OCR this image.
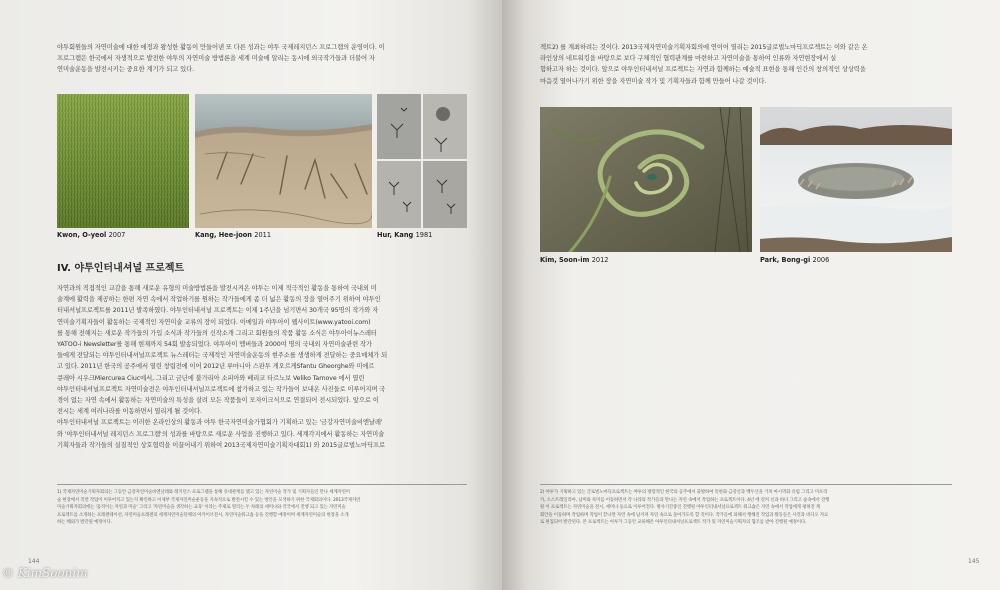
야투회원들의 자연미술에 대한 애정과 왕성한 활동이 만들어낸 또 다른 성과는 야투 국제레지던스 프로그램의 운영이다. 이
프로그램은 한국에서 자생적으로 발전한 야투의 자연미술 방법론을 세계 미술에 알리는 동시에 외국작가들과 더불어 자
연미술운동을 발전시키는 중요한 계기가 되고 있다.

Kwon, O-yeol 2007	Kang, Hee-joon 2011	Hur, Kang 1981
IV. 야투인터내셔널 프로젝트

자연과의 직접적인 교감을 통해 새로운 유형의 미술방법론을 발전시켜온 야투는 이제 적극적인 활동을 통하여 국내외 미
술계에 활력을 제공하는 한편 자연 속에서 작업하기를 원하는 작가들에게 좀 더 넓은 활동의 장을 열어주기 위하여 야투인
터내셔널프로젝트를 2011년 발족하였다. 야투인터내셔널 프로젝트는 이제 1주년을 넘기면서 30개국 95명의 작가와 자
연미술기획자들이 활동하는 국제적인 자연미술 교류의 장이 되었다. 이메일과 야투아이 웹사이트(www.yatooi.com)
를 통해 전해지는 새로운 작가들의 가입 소식과 작가들의 신작소개 그리고 회원들의 작품 활동 소식은 야투아이뉴스레터
YATOO-i Newsletter를 통해 현재까지 54회 발송되었다. 야투아이 멤버들과 2000여 명의 국내외 자연미술관련 작가
들에게 전달되는 야투인터내셔널프로젝트 뉴스레터는 국제적인 자연미술운동의 현주소를 생생하게 전달하는 중요매체가 되
고 있다. 2011년 한국의 공주에서 열린 창립전에 이어 2012년 루마니아 스판투 게오르게Sfantu Gheorghe와 미에르
큐레아 시우크Miercurea Ciuc에서, 그리고 금년에 불가리아 소피아와 베리코 타르노보 Veliko Tarnove 에서 열린
야투인터내셔널프로젝트 자연미술전은 야투인터내셔널프로젝트에 참가하고 있는 작가들이 보내온 사진들로 이루어지며 국
경이 없는 자연 속에서 활동하는 자연미술의 특성을 살려 모든 작품들이 모자이크식으로 연결되어 전시되었다. 앞으로 이
전시는 세계 여러나라를 이동하면서 열리게 될 것이다.
야투인터내셔널 프로젝트는 이러한 온라인상의 활동과 야투 한국자연미술가협회가 기획하고 있는 '금강자연미술비엔날레'
와 '야투인터내셔널 레지던스 프로그램'의 성과를 바탕으로 새로운 사업을 진행하고 있다. 세계각지에서 활동하는 자연미술
기획자들과 작가들의 실질적인 상호협력을 이끌어내기 위하여 2013국제자연미술기획자대회1) 와 2015글로벌노마딕프로

1) 국제자연미술기획자회의는 그동안 금강자연미술비엔날레와 레지던스 프로그램을 통해 유대관계를 맺고 있는 자연미술 작가 및 기획자들인 만나 세계자연미
술 현장에서 직면 작업이 이루어지고 있는지 확인하고 이제부 국제자연미술운동을 지속적으로 발전시킬 수 있는 방안을 모색하기 위한 국제회의이다. 2013국제자연
미술기획자회의에는 '움직이는 자연과 미술' 그리고 '자연미술을 생각하는 교육' 이라는 주제로 열리는 두 차례의 세미나와 각국에서 진행 되고 있는 자연미술
프로젝트를 소개하는 프레젠테이션, 자연미술프레젠의 세계자연미술단체의 아카이브전시, 자연미술워크숍 등을 진행할 예정이며 세계자연미술의 현장을 소개
하는 해외가 발간될 예정이다.

144

젝트2) 를 계최하려는 것이다. 2013국제자연미술기획자회의에 연이어 열리는 2015글로벌노마딕프로젝트는 이와 같은 온
라인상의 네트워킹을 바탕으로 보다 구체적인 협력관계를 마련하고 자연미술을 통하여 인류와 자연현장에서 실
험하고자 하는 것이다. 앞으로 야투인터내셔널 프로젝트는 자연과 함께하는 예술적 표현을 통해 인간의 창의적인 상상력을
마음것 열어나가기 위한 장을 자연미술 작가 및 기획자들과 함께 만들어 나갈 것이다.

Kim, Soon-im 2012	Park, Bong-gi 2006

2) 야투가 기획하고 있는 글로벌노마딕프로젝트는 야투의 방랑적인 한국의 공주에서 출발하여 특한화 금강산과 백두산을 거쳐 마시먹화 유럽 그리고 미포리
카, 오스트레일리아, 남미와 룩미를 이동하면서 각 나라의 작가들과 만나는 자연 속에서 작업하는 프로젝트이다. 4년 에 걸쳐 신과 바다 그리고 숲속에서 진행
될 이 프로젝트는 자연미술을 전시, 세미나 등으로 이루어진다. 방사기간중인 진행될 야투인터내셔널프로젝트 워크숍은 자연 속에서 작업에게 평혀진 계
회안을 이동하며 작업하며 작업이 끝나면 자연 속에 남겨져 자연 속으로 돌아가도록 할 것이다. 작가들에 의해서 행해진 작업과 활동들은 사진과 비디오 자료
로 편집되어 발간된다. 본 프로젝트는 아투가 그동안 교류해온 아투인터내셔널프로젝트 작가 및 자연미술기획자의 협조를 받아 진행될 예정이다.

145
© KimSoonim
